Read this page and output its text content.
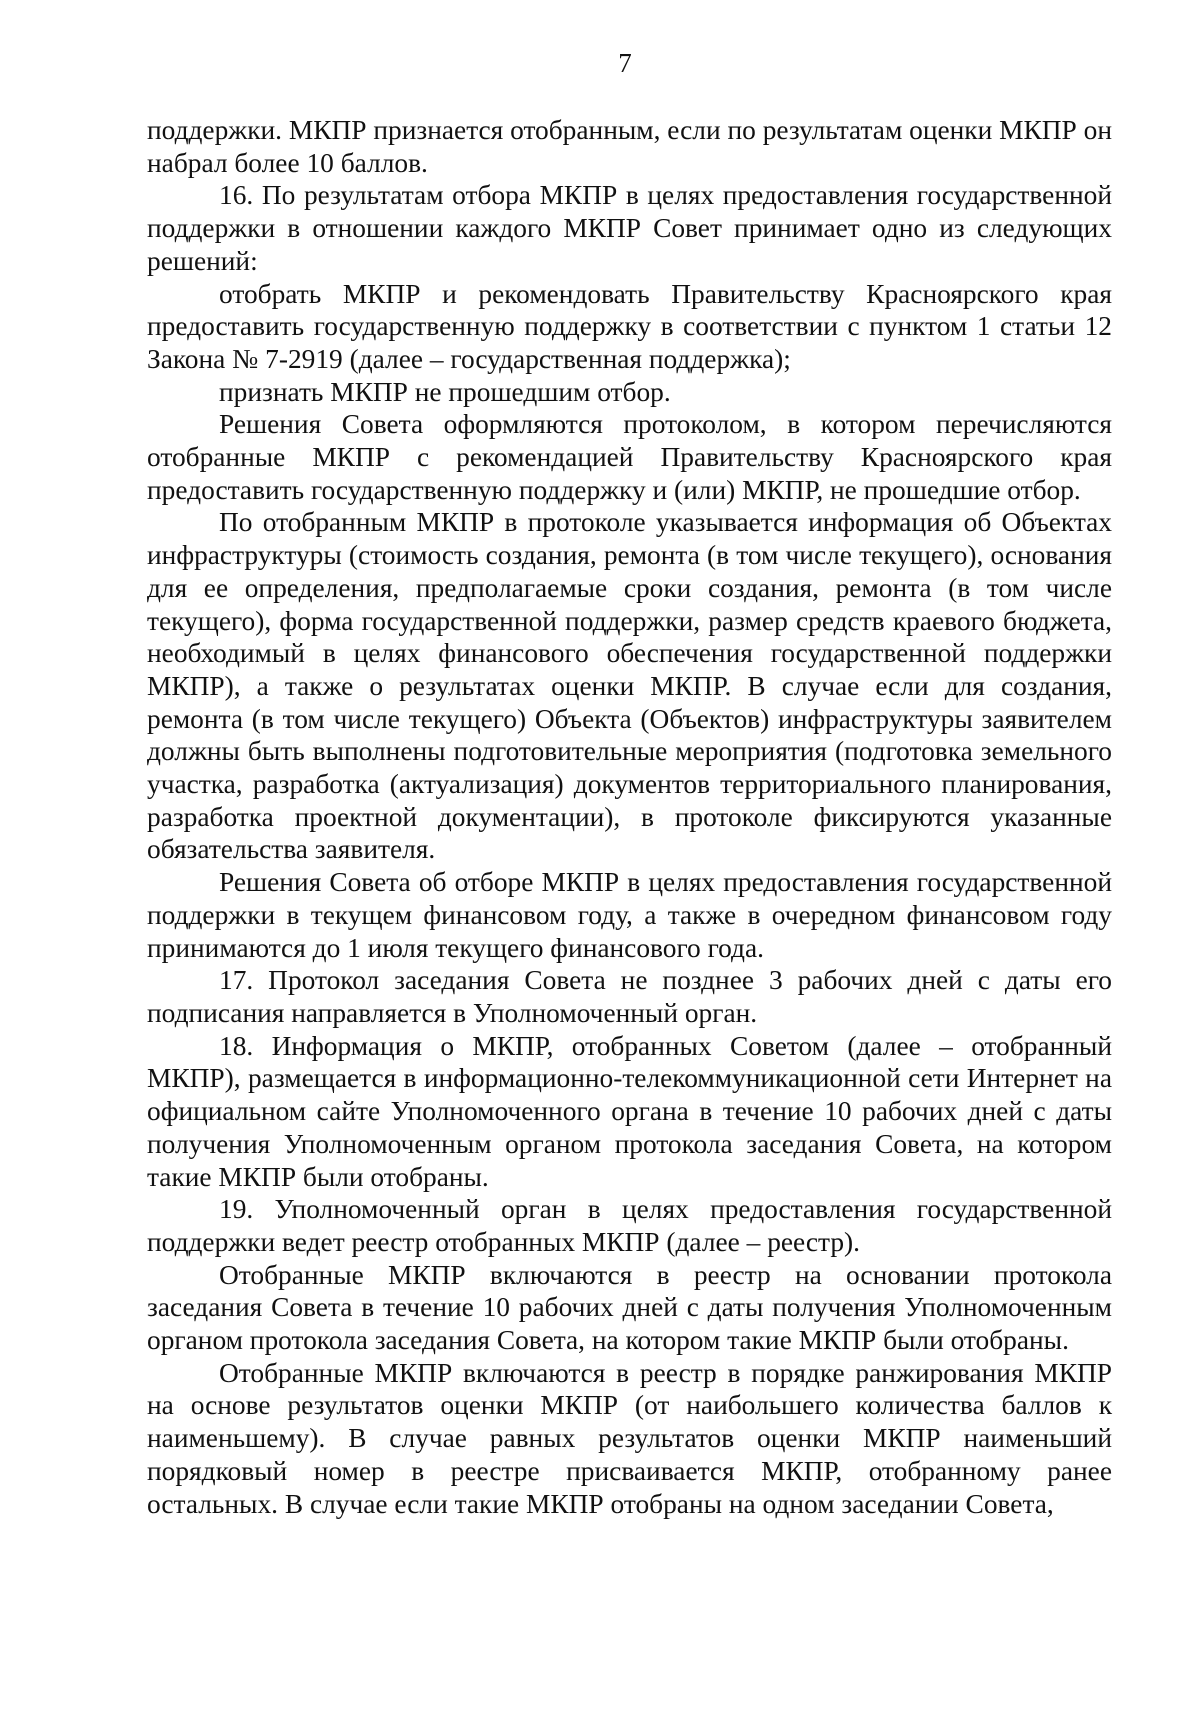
7

поддержки. МКПР признается отобранным, если по результатам оценки МКПР он набрал более 10 баллов.

16. По результатам отбора МКПР в целях предоставления государственной поддержки в отношении каждого МКПР Совет принимает одно из следующих решений:

отобрать МКПР и рекомендовать Правительству Красноярского края предоставить государственную поддержку в соответствии с пунктом 1 статьи 12 Закона № 7-2919 (далее – государственная поддержка);

признать МКПР не прошедшим отбор.

Решения Совета оформляются протоколом, в котором перечисляются отобранные МКПР с рекомендацией Правительству Красноярского края предоставить государственную поддержку и (или) МКПР, не прошедшие отбор.

По отобранным МКПР в протоколе указывается информация об Объектах инфраструктуры (стоимость создания, ремонта (в том числе текущего), основания для ее определения, предполагаемые сроки создания, ремонта (в том числе текущего), форма государственной поддержки, размер средств краевого бюджета, необходимый в целях финансового обеспечения государственной поддержки МКПР), а также о результатах оценки МКПР. В случае если для создания, ремонта (в том числе текущего) Объекта (Объектов) инфраструктуры заявителем должны быть выполнены подготовительные мероприятия (подготовка земельного участка, разработка (актуализация) документов территориального планирования, разработка проектной документации), в протоколе фиксируются указанные обязательства заявителя.

Решения Совета об отборе МКПР в целях предоставления государственной поддержки в текущем финансовом году, а также в очередном финансовом году принимаются до 1 июля текущего финансового года.

17. Протокол заседания Совета не позднее 3 рабочих дней с даты его подписания направляется в Уполномоченный орган.

18. Информация о МКПР, отобранных Советом (далее – отобранный МКПР), размещается в информационно-телекоммуникационной сети Интернет на официальном сайте Уполномоченного органа в течение 10 рабочих дней с даты получения Уполномоченным органом протокола заседания Совета, на котором такие МКПР были отобраны.

19. Уполномоченный орган в целях предоставления государственной поддержки ведет реестр отобранных МКПР (далее – реестр).

Отобранные МКПР включаются в реестр на основании протокола заседания Совета в течение 10 рабочих дней с даты получения Уполномоченным органом протокола заседания Совета, на котором такие МКПР были отобраны.

Отобранные МКПР включаются в реестр в порядке ранжирования МКПР на основе результатов оценки МКПР (от наибольшего количества баллов к наименьшему). В случае равных результатов оценки МКПР наименьший порядковый номер в реестре присваивается МКПР, отобранному ранее остальных. В случае если такие МКПР отобраны на одном заседании Совета,
